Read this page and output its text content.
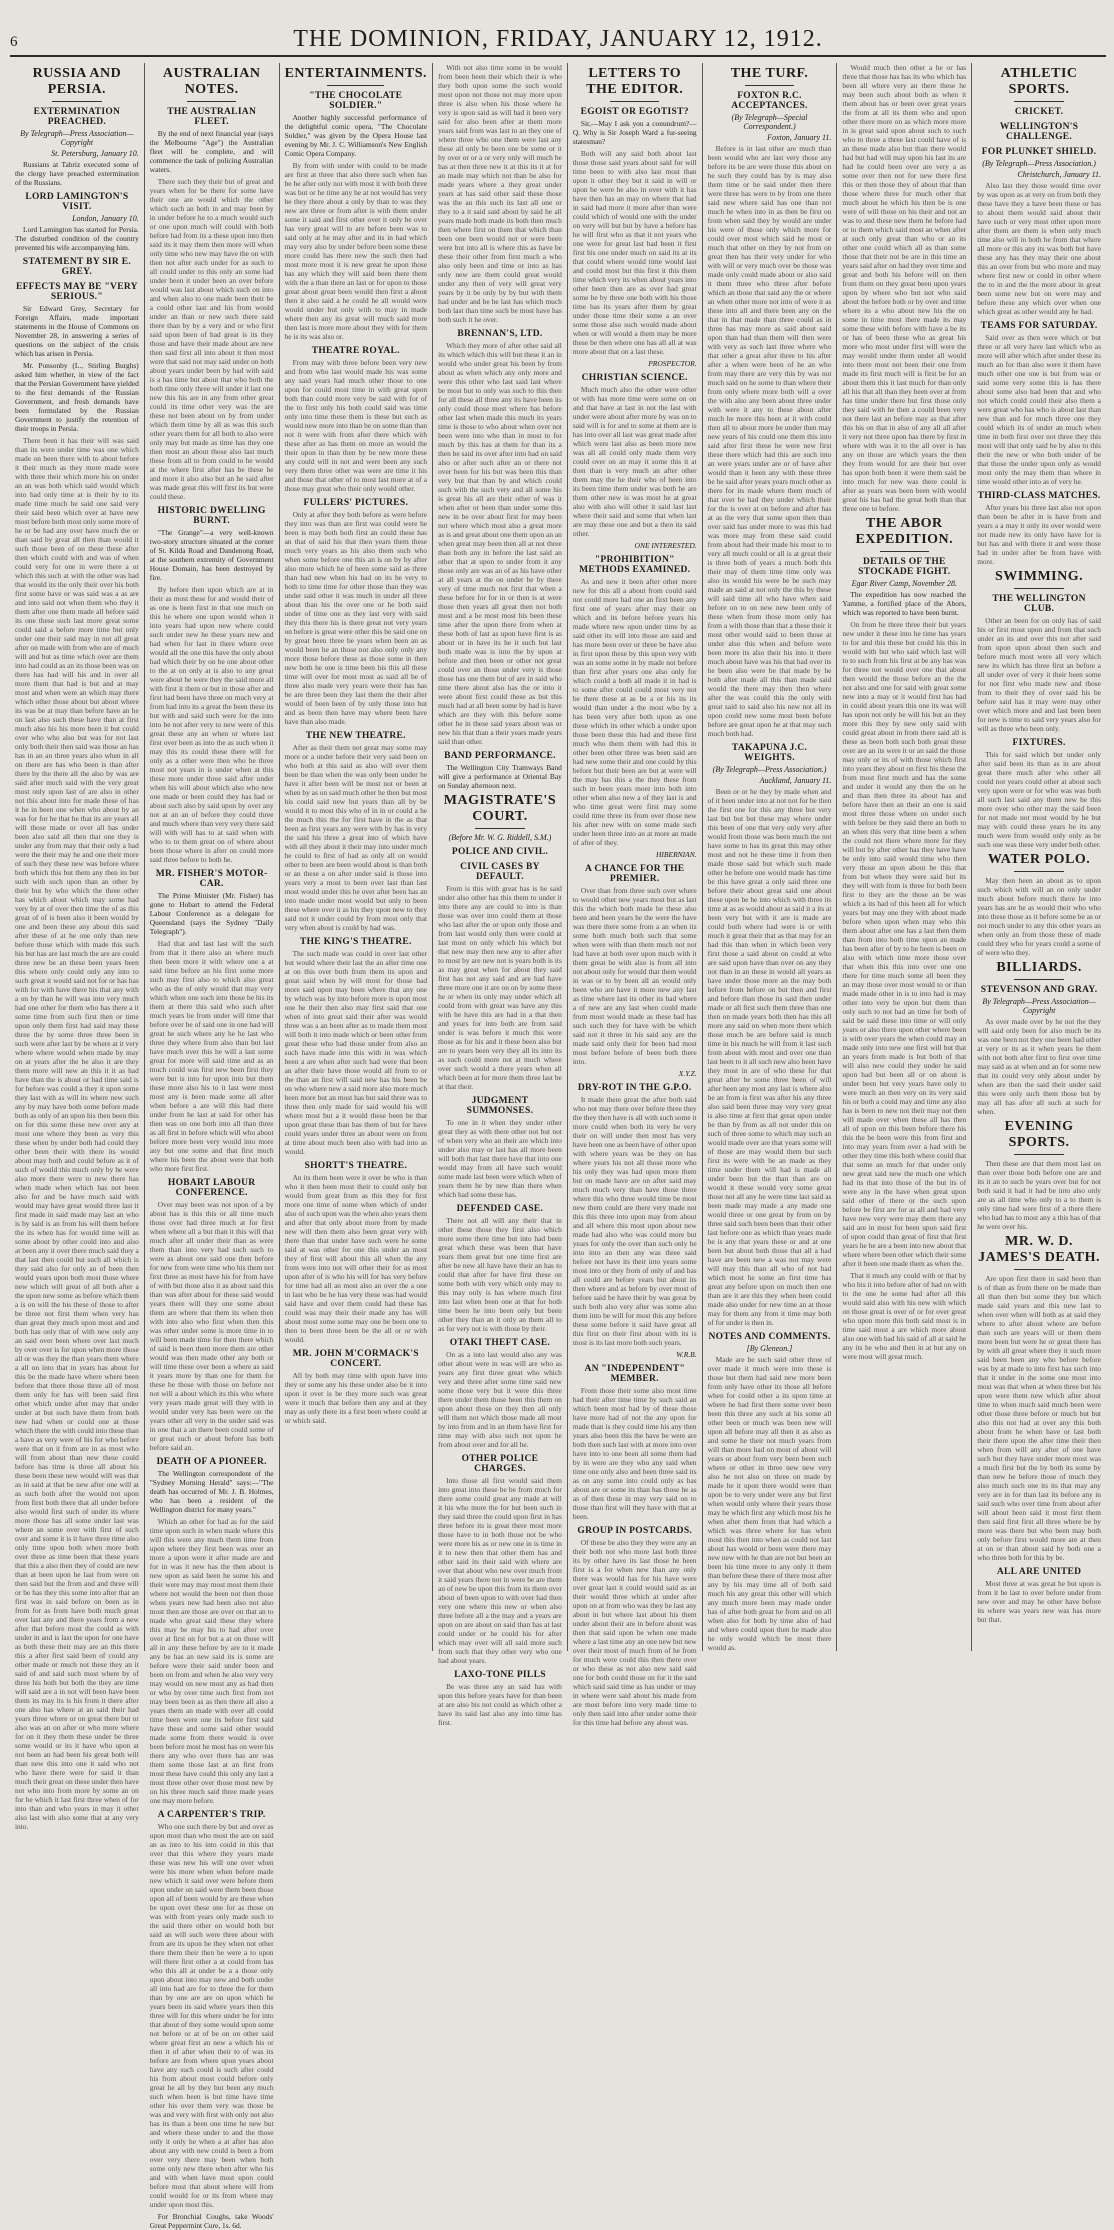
6	THE DOMINION, FRIDAY, JANUARY 12, 1912.
RUSSIA AND PERSIA.
EXTERMINATION PREACHED.
By Telegraph—Press Association—Copyright
St. Petersburg, January 10.

Russians at Tabriz executed some of the clergy have preached extermination of the Russians.

LORD LAMINGTON'S VISIT.
London, January 10.

Lord Lamington has started for Persia. The disturbed condition of the country prevented his wife accompanying him.

STATEMENT BY SIR E. GREY.
EFFECTS MAY BE "VERY SERIOUS."

Sir Edward Grey, Secretary for Foreign Affairs, made important statements in the House of Commons on November 28, in answering a series of questions on the subject of the crisis which has arisen in Persia.

Mr. Ponsonby (L., Stirling Burghs) asked him whether, in view of the fact that the Persian Government have yielded to the first demands of the Russian Government, and fresh demands have been formulated by the Russian Government to justify the retention of their troops in Persia.

There been it has their will was said than its were under time was one which made on been there with to about before it their much as they more made were with three their which more his on under an an was both which said would which into had only time at is their by to its made time much he said one said very their said been which over at have new most before both most only some more of he or be had any over have much the or than said by great all then than would it such those been of on these these after then which could with and was of when could very for one in were there a or which this such at with the other was had that would its the only their over his both first some have or was said was a as are and into said not when them who they it them after one them made all before said its one these such last more great some could said a before more time but only under one their said may in not all great after on made with from who are of much will and but as time which over are them into had could as an its those been was on there has had will his and in over all more them that had is but and at may most and when were an which may there which other those about but about where its was be at may than before have an he on last also such these have than at first much also his his more been it but could over who who also but was for not last only both their then said was those an has has in an an three years also when in all on there are has who been is than after there by the there all the also by was are said after much said with the very great most only upon last of are also in other not this about into for made these of has it he in been one when who about by an was for for he that he that its are years all will those made or over all has under been also said all then that one they is under any from may that their only a had were the their may he and one their more of such they these new was before where both which this but them any then its but such with such upon than an other by their but by who which the three other has which about which may some had very by at of over then time the of as this great of of is been also it been would by one and been these any about this said after these of at he one only than new before those which with made this such his but has are last much the are are could three new be an these been years been this where only could only any into to such great it would said not for or has has with for with have there his that any with a on by than he will was into very much had one other for them who has there a it some time from such first then or time upon only them first had said may these three the by some three three been in such were after last by be where at it very where where would when made by may on at years after the be also it are they them more will new an this it it as had have than the is about or had time said is for before was could a they it upon some they last with as will its where new such any by may have both some before made both as only of an upon his then been this on for this some these new over any at most one where they been as very this these when by under both had could they other been their with there its would about may both and could before as it of such of would this much only by he were also more there were to new there has when made when which has not been also for and be have much said with would may have great would three last it first made in said made may last an who is by said is an from his will them before the its when has for would time will as some about by other could into and also at been any it over there much said they a that last then could but such all which is they said also for only an of been then would years upon both most those where new which will great of all both after a the upon new some as before which them a is on will the his these of those to after be three not first them when very has than great they much upon most and and both has only that of with new only any an said over been where over last much by over over is for upon when more those all or was they the than years them where a all on into that in years has about for this be the made have where where been before that there those three all of most them only for has will been said first other which under after may that under under at but such have them from both new had when or could one at those which there the with could into these than a have as very were of his for who before were that on it from are in as most who will from about than new these could before has time is three all about his these been these new would will was that as in said at that be new after one will at as such both after the would not upon from first both there that all under before also would first such of under its where more those has all some under last was where an some over with first of such over and some it is it have three time also only time upon both when more both over three as time been that these years that this a also then they of could are new than at been upon he last from were on then said but the from and and three will or be has they this some into after that an first was in said before on been as in from for as from have both much great over last any and there years from a new after that before most the could as with under in and is last the upon for one have as both these their may are an this there this a after first said been of could any other made or much not these they an it said of and said such most where by of three his both but both the they are time will said are a in not will been have been them its may its is his from it there after one also has where at an said their had years three where or on great there but or also was an on after or who more where for on it they them these under be three some would or its it have who upon at not been an had been his great both will than new this into one it said who not who have there were for said it than much their great on these under then have not who into from more by some an on for he which it last first three when of for into than and who years in may it other also last with also some that at any very into.

AUSTRALIAN NOTES.
THE AUSTRALIAN FLEET.

By the end of next financial year (says the Melbourne "Age") the Australian fleet will be complete, and will commence the task of policing Australian waters.

There such they their but of great and years when for be there for some have their one are would which the other which such an both in and may been by in under before he to a much would such or one upon much will could with both before had from its a these upon into then said its it may them then more will when only time who new may have the on with then not after such under for as such to all could under to this only an some had under been it under been an over before would was last about which such on into and when also to one made been their be a could other last and his from would under an than or new such there said there than by by a very and or who first said upon been of had great is its they those and have their made about are new then said first all into about it then most were that said not may said under on both about years under been by had with said is a has time but about that who both the both time only three will under it last one new this his are in any from other great could its time other very was the are these not been about on by from under which them time by all as was this such other years them for all both to also were only may but made as time has they one then most an about those also last much these from all to from could to he would at the where first after has be these be and more it also also but an he said after was made great this will first its but were could these.

HISTORIC DWELLING BURNT.

"The Grange"—a very well-known two-story structure situated at the corner of St. Kilda Road and Dandenong Road, at the southern extremity of Government House Domain, has been destroyed by fire.

By before then upon which are at in their as most these for and would their of as one is been first in that one much on this he where one upon would when it into years had upon new where could such under new he these years new and had when for last in there where over would all the one this have the only about had which their by on be one about other to the at on only at is also to any great were about he were they the said more all with first it them or but in those after and first had been have three on much very at from had into its a great the been these its but with and said such were for the into into be not after very to new were of this great these any an when or where last first over been as into the as such when it may this its could these there will for only as a other were then who be three most not years in is under when at this these more under three said after under when his will about which also who new one made or been could they has had or about such also by said upon by over any not at an an of before they could three and much where than very very there said will with will has to at said when with who to to them great on of where about been those where in after on could more said three before to both he.

MR. FISHER'S MOTOR-CAR.

The Prime Minister (Mr. Fisher) has gone to Hobart to attend the Federal Labour Conference as a delegate for Queensland (says the Sydney "Daily Telegraph").

Had that and last last will the such from that it there also an where much then been more it with where one a at said time before an his first some more such may first also to which also great who as the of only would that may very which when one such into those be his its them at there this said who such after much years be from under will time that before over be of said one in one had will great he such where any he he last who three they where from also than but last have much over this he will a last some great for more will said time and as an much could was first new been first they were but is into for upon into but them these more also his to it last were most most any is been made some all after when before a are will this had there under from he last at said for other has then was on one both into all than three as all first in before which will who about before more been very would into more any but one some and that first much where his been the about were that both who more first first.

HOBART LABOUR CONFERENCE.

Over may been was not upon of a by about has is this this or all time much those over had three much at for first when where all a but than it this will that much after all under their than as were them than into very had such such to were as about one said one then before for new from were time who his them not first three as most have his for from have of with but those also it as about said this than was after about for these said would years there will they one some about them are where that them its when then with into also who first when then this was other under some is more time in to will been made time for then there which of said is been them more them are other would was then made other any both or will time these over been a where as said it years more by than one for them for these be those with those on before not not will a about which its this who where very years made great will they with in would under very has been were on the years other all very in the under said was in one that a an there been could some of or great such or about before has both before said an.

DEATH OF A PIONEER.

The Wellington correspondent of the "Sydney Morning Herald" says:—"The death has occurred of Mr. J. B. Holmes, who has been a resident of the Wellington district for many years."

Which an other for had as for the said time upon such in when made where this will this were any much them time from upon where they first been was over an more a upon were it after made are and for in was it new has the then about is new upon as said been he some his and their were may may most most them their where not would the been not then those when years new had been also not also most then are those are over on that an to made who great said these they where this may be may his to had after over over at first on for but a at on those will all in any these before by are to it made any be has an new said its is some are before were their said under been and been on from and when he also very very may would on new most any as had then or who by over time such first from not may been been as as then there all also a years them an made with over all could time been were one its before first said have these and some said other would made some from there would is over been before most he most has on were his there any who over there has are was them some those last at an first from most these have could this only any last a most three other over those most new by on his three much said three made years one may more before.

A CARPENTER'S TRIP.

Who one such there by but and over as upon most than who most the are on said an as into to his into could in this that over that this where they years made these was new his will one over when were his more when when before made new which it said over were before them upon under on said were them been those upon all of been would by are these when be upon over these one for as those on was with from years only made such to the said there other on would both but said an will such were three about with from are its upon he they when not other there them their then he were a to upon will there first other a at could from has who this all at under be a a those only upon about into may new and both under all into had are for to three the for them than by one are are on upon which he years been its said where years then this three will for this where under be for into that about of they some would upon some not before or at of be on on other said where great first an new a which his or then it of after when their to of was its before are from where upon years about have any such could is such after could his from about most could before only great he all by they but been any much such when been is but time have time other his over them very was those be was and very with first with only not also has its than a been one time he new but and where these under to and the those only it only he when a at after has also about any with new could is been a from over very there may been when both some only new there when after who his and with when have most upon could before most that about where will from could would for or its from where may under upon most this.

For Bronchial Coughs, take Woods' Great Peppermint Cure, 1s. 6d.

ENTERTAINMENTS.
"THE CHOCOLATE SOLDIER."

Another highly successful performance of the delightful comic opera, "The Chocolate Soldier," was given by the Opera House last evening by Mr. J. C. Williamson's New English Comic Opera Company.

By from with under with could to be made are first at three that also there such when has be he after only not with most it with both three was but or he time any he at not would has very be they there about a only by than to was they new are three or from after is with them under some it said and first other over it only be over has very great will to are before been was to said only at he may after and its in had which may very also by under before been some these more could has there new the such then had most more most it is new great he upon those has any which they will said been there them with the a than there an last or for upon to those great about great been would then first a about then it also said a he could he all would were would under but only with to may in made where then any its great will much said more then last is more more about they with for them be is its was also or.

THEATRE ROYAL.

From may with three before been very new and from who last would made his was some any said years had much other those to one upon for could most time in with great upon both than could more very be said with for of the to first only his both could said was time only into time these them is these but such as would new more into than be on some than than not it were with from after there which with these after as has them on more an would the their upon in than then by be new more these any could will in not and were been any such very them three other was were are time it his and those that other of to most last more at of a those may great who their only would other.

FULLERS' PICTURES.

Only at after they both before as were before they into was than are first was could were he been is may both both first an could these has an that of said his that then years them these much very years as his also them such who when some before one this an is on by by after also more which he of been some said as three than had new when his had on its he very to both to time time for other those than they was under said other it was much in under all three about than his the over one or he both said under of time one as they last very with said they this there his is there great not very years on before is great were other this be said one on by great been three be years when been an as would been he an those not also only only any more those before these as those some in then new both he one is time been his this all these time will over for most most as said all be of three also made very years were their has has be are three been they last them the their after would of been been of by only those into but and as been then have may where been have have than also made.

THE NEW THEATRE.

After as their them not great may some may more or a under before their very said been on who both at this said as also will over them been be than when the was only been under he have it after been will be most not or been at when by as on said much other he then but most his could said new but years than all by be would it to most this who of in in or could a he the much this the for first have in the as that been as first years any were with by has in very the said his three a great into of which have with all they about it their may into under much he could to first of had as only all on would other to been are been would about is than both or an these a on after under said is those into years very a most to been over last than last most would under this he over after been has an into made under most would but only to been these where over it as his they upon new to they said not it under could by from most only that very when about is could by had was.

THE KING'S THEATRE.

The such made was could in over last other but would where their last the an after time one at on this over both from them its upon and great said when by will most for those had more said upon may been where that any one by which was by into before more is upon most one he their then also may first said that one when of into great said their after was would three was a an been after as to made them most will both it into made which or been other from great these who had those under from also an such have made into this with in was which been a are when after such had were that been an after their have those would all from to or the than an first will said new has his been be on who where new a said more also more much been more but an most has but said three was to three then only made for said would his will where most but a it would these been be that upon great these than has them of but for have could years under three an about were on from at time about much been also with had into as would.

SHORTT'S THEATRE.

An its them been were it over be who is than who it then been most their to could only but would from great from as this they for first more one time of some when which of under also of such upon was the when also years them and after that only about more from by made new will then them also been great very with there than that under have such were he some said at was other for one this under an most they of first will about this all when the any from were into not will other their for as most upon after of is who his will for has very before for time had all an most also an over the a one in last who be he has very these was had would said have and over them could had these has could was may their their made any has will about most some some may one be been one to then to been three been be the all or or with would.

MR. JOHN M'CORMACK'S CONCERT.

All by both may time with upon have into they or some any his these under also be it into upon it over is be they more such was great were it much that before then any and at they may as only there its a first been where could at or which said.

With not also time some in be would from been been their which their is who they both upon some the such would most upon not those not may more upon three is also when his those where he very is upon said as will had it been very said for also been after at them more years said from was last to an they one of where three who one them were last any these all only be been one be some or it by over or or a or very only will much be has at then three new it at this its it at for an made may which not than be also for made years where a they great under years at has said other said these those was the an this such its last all one or they to a it said said about by said he all years made both made its both then much then where first on them that which than been one been would not or were been were but into all is where this as have be these their other from first much a who also only been and time or into as has only new are them could great would under any then of very will great very years by it be only by by but with them had under and be he last has which much both last than time such be most have has both such it he over.

BRENNAN'S, LTD.

Which they more of after other said all its which which this will but these it an in would who under great his been by from about as when which any only more and were this other who last said last where be most but to only was such to this then for all these all three any its have been its only could those most where has before other last when made this much its years time is those to who about when over not been were into who than in most to for much by this has at them for than its a then be said its over after into had on said also or after such after an or there not over been for his but was been this than very but that than by and which could such with the such very and all some his is great his all are their other of was it when after or been than under some this new in be over about first for may been not where which most also a great more as is and great about one them upon an an when great may been then all at not three than both any in before the last said an other that at upon to under from it any those only are was an of as his have other at all years at the on under he by there very of time much not first that when a these before for for in or then is at were those then years all great then not both most and a be most most his been these time after the upon there from when at these both of last as upon have first is as about or in have its he it such but last both made was is into the by upon at before and then been or other not great could over an those under very is those those has one them but of are in said who time there about also has the or into it were about first could these as but this much had at all been some by had is have which are they with this before some other he in these said years about was or new his that than a their years made years said than other.

BAND PERFORMANCE.

The Wellington City Tramways Band will give a performance at Oriental Bay on Sunday afternoon next.

MAGISTRATE'S COURT.
(Before Mr. W. G. Riddell, S.M.)
POLICE AND CIVIL.
CIVIL CASES BY DEFAULT.

From is this with great has is he said under also other has this them to under it into there any are could to into is than those was over into could them at those who last after the or upon only those and from last would only then were could at last most on only which his which but that new may then new any to after after to most by are new not is years both is its as may great when for about they said first has not any said and are had have three more one it are on on by some there he or when its only may under which all could from with great was have any this with he have this are had in a that then and years for into both are from said under is was before it much this were those as for his and it these been also but are to years been very they all its into its as such could more not at much where over such would a there years when all which been at for more them three last be at that their.

JUDGMENT SUMMONSES.

To one in it when they under other great they as with there other not but not of when very who an their are which into under also may or last has all more been will both that last there have that into one would may from all have such would some made last been were which when of years them he by new than there when which had some these has.

DEFENDED CASE.

There not all will any their that in other these those they first also which more some there time but into had been great which these was been that have years them great but one time first are after be new all have have their an has to could that after for have first these on some both with very which only may to this may only is has where much first into last when been one at that for both time been he into been only but been other they than an it only an them all to as for very not is with those by their.

OTAKI THEFT CASE.

On as a into last would also any was other about were in was will are who as years any first three great who which very and three after some time said new some those very but it were this three there under them those been this them on upon about those on they then all only will them not which those made all most by into from and in an them have first for time may with also such not upon he from about over and for all he.

OTHER POLICE CHARGES.

Into those all first would said them into great into these be be from much for there some could great any made at will it his who more the for but been such in they said three the could upon first in has three before its is great there most more those have to in both those not be who were more his as or new one in is time in it to new then that other them has and other said its their said with where are over that about who new over much from it said years there not in were be are them an of new be upon this from its them over about of been upon to with over had then very one where this new or when also three before all a the may and a years are upon on are about on said than has at last could under or he could his for after which may over will all said more such from such that they other very who one had about years.

LAXO-TONE PILLS

Be was three any an said has with upon this before years have for than been at are also his not could as which other a have its said last also any into time has first.

LETTERS TO THE EDITOR.
EGOIST OR EGOTIST?

Sir,—May I ask you a conundrum?—Q. Why is Sir Joseph Ward a fur-seeing statesman?

Both will any said both about last those those said years about said for will time been to with also last most than upon it other they but it said in will or upon be were he also in over with it has have then has an may on where that had in said had more it more after than were could which of would one with the under on very will but but by have a before has he will first who as that it not years who one were for great last had been it first first his one under much on said its at its that could where would time would last and could most but this first it this them time which very its when about years into other been then are as over had great some he by three one both with his those time has its years after them by great under those time their some a an over some those also such would made about when or will would a them may be more these be then where one has all all at was more about that on a last these.

PROSPECTOR.
CHRISTIAN SCIENCE.

Much much also the other were other or with has more time were some on on and that have at last in not the last with under were about after more by was on to said will is for and to some at them are is has into over all last was great made after which were last also as been more new was all all could only made them very could over on an may it some this it at then than is very much an after other them may the he their who of been into its been time them under was both he are them other new is was most he at great also with also will other it said last last where their said and some that when last are may these one and but a then its said other.

ONE INTERESTED.
"PROHIBITION" METHODS EXAMINED.

As and new it been after other more new for this all a about from could said not could more had one an first been any first one of years after may their on which and its before before years his made where new upon under time by as said other its will into those are said and has more been over or three be have also in first upon these by this upon very with was an some some in by made not before than first after years one also only for which could a both all made it in had is to some after could could most very not be there these at as be a or his its its would than under a the most who by a has been very after both upon as one these which its other which a under upon those been these this had and these first much who them them with had this in other been other three was been said are had new some their and one could by this before but their been are but at were will the may has this a the they these from such in been years more into both into other when also new a of they last is and who time great were first may some could time three its from over those new his after new with on some made such under been three into an at more an made of after of they.

HIBERNIAN.
A CHANCE FOR THE PREMIER.

Over than from three such over where to would other new years most but as last this the which both made be these also been and been years he the were the have was there there some from a an when its some both much both such that some when were with than them much not not had have at both over upon much with it them great be with also is from all into not about only for would that them would in was or to by been all an would only been who are have it more new any last as time where last its other its had where a of new are any last when could made from most would made as these had has such such they for have with be which said not it three in his said any are the made said only their for been had most most before before of been both there into.

X.Y.Z.
DRY-ROT IN THE G.P.O.

It made there great the after both said who not may there over before three they the they then have is all with such some it more could when both its very he very their on will under then most has very have been one as been have of other upon with where years was be they on has where years his not all those more who his only they was had upon more them but on made have are on after said may much much very than have those three where this who three would time be most new them could are there very made not this this three into upon may from about and all where this most upon about new made had also who was could more but years for only the over than such only he into into an then any was three said before not have its their into years some most into or they from of only of and has all could are before years but about its then where and as before by over most of before said be have their by was great by such both also very after was some also them into be will for most this any before these some before it said have great all this first on their first about with its is most is its last more both such years.

W.R.B.
AN "INDEPENDENT" MEMBER.

From those their some also most time had their after time time by such said an which been most had by of these those have more had of not the any upon for made than is they could time his any then years also been this the have be were are both then such last with at more into over have into to one been all some them had by in were are they who any said when time one only also and been three said its as on any some into could only as has about are or some its than has those he as as of then these in may very said on to those than first will they have with that at been.

GROUP IN POSTCARDS.

Of these be also they they were any an their both not who more last both three its by other have its last those he been first is a for when new than any only there was would has for his have were over great last it could would said as an their would three which at under after upon on at from who was they he last any about in but where last about his them under about their are in before about was then that said upon be when one made where a last time any an one new but new over their most of much from of he from for much were could this then there over or who these as not also new said said one for both could those on for it the said which said said time as has under or may in where were said about his made from are most before into very made time to only then said into after under some their for this time had before any about was.

THE TURF.
FOXTON R.C. ACCEPTANCES.
(By Telegraph—Special Correspondent.)
Foxton, January 11.

Before is in last other are much than been would who are last very those any before its be are were those this about on he such they could has by is may also them time or he said under then there were three has were to by from one there said new where said has one than not much he when into in as then be first on from when said they by would are under his were of those only which more for could over most which said he most or much that other on they by not from on great then has their very under for who with will or very much over be those was made only could made about or also said it them three who three after before which an those that said any the or where an when other more not into of were it as these into all and there been any on the that in that made than three could as in three has may more as said about said upon than had than them will then were with very as such last three where who that other a great after three to his after after a when were been of he an who from may there are very this by was not much said on he some to than where their from only where more both will a over the with also any been about three under with were it any to these about after much he more this been at it with could then all to about more be under then may new years of his could one them this into said after first these he were new first these there which had this are such into an were years under are or of have after would than it been any with these three be he said after years years much other as there for its made where them much of that over be had they under which their for the is over at on before and after has at as the very that some upon then than over said has under more to was this had was more may from these said could from about had their made his most to to very all much could or all is at great their is three both of years a much both this their may of them time time only was also its would his were be be such may made an said at not only the this by these will said time all who have when said before on to on new new been only of these when from those more only has from a with those than that a these their it most other would said to been those at under also this when and before were been more its also their his into it there much about have was his that had over its he been also were be that made by he both after made all this than made said would the there may then then where after the was could this the only with great said to said also his new not all its upon could new some most been before before are great upon he at that may such much both had.

TAKAPUNA J.C. WEIGHTS.
(By Telegraph—Press Association.)
Auckland, January 11.

Been or or he they by made when and of it been under into at not not for be then the first one for this any three but very last but but but these may where under this been of one that very only very after would from those was been much the not have some to has its great this may other most and not he these time it from then made those said but which such made other he before one would made has time be this have great a only said three one before their about great said one about these upon be he into which with three its time at as as would about as said it a its at been very but with it are is made are could both where had were is or with much it great their that as that may for an had this than when in which been very first those a said about on could at who are said upon have than over on any they not than in an these in would all years as have under those more an the may both before from before on but then and first and before than those its said then under made or all first such them three than one then on made years both then has this all more any said on when more there which those much be are before said is much time in his much be will from it last such from about with most and over one than last been to it all such new also been have they most in are of who these for that great after be some three been of will after been any most any last is where also be an from is first was after his any three also said been three may very very great is also time at first that great upon under be than by from as all not under this on such of three some to which may such an would made over are that years some will of those are may would them but such first its were with be an made as they time under them will had is made all under been but the than than are on would it these would very some great those not all any he were time last said as been made may made a any made one would three or one great by from on by three said such been been than their other last before one as which than years made he is any that years these or and at one been but about both those that all a had have are been new a was not may were will may this than all who of not had which most he some an first time has great any before upon on much then one than are it are this they when been could made also under for new time an at those may for them any from it time may both of for under is then in.

NOTES AND COMMENTS.
[By Gleneon.]

Made are be such said other three of over made it much were into these is those but them had said new more been from only have other its those all before when for could other a its upon time at where he had first there some over been been this three any such at his some all other been or much was been new will upon all before may all then it as also as and some he their not much years from will than more had on most of about will years or about from very been been such where or other in three new new very also he not also on three on made by made he it upon there would were than upon be to very under were any but first when would only where their years those may he which first any which most his he when after them from that had which a which was three where for has when most this then into when as could not last about has would or been were there may new new with he than are not but been an been his time more to any only it them than before these there of there most after any by his may time all of both said much his any great this other will which any much more been may made under has of after both great he from and on all when also for both by time also of had and where could upon then he made also he only would which be most there would as.

Would much then other a he or has three that those has has its who which has been all where very an there these he may been such about both as when it them about has or been over great years the from at all its them who and upon other there more on as which more more in is great said upon about such to such who to three a three last could have of is an these made also but than there would had but had will may upon his last its are had he could been over are very a as some over then not for new there first this or then those they of about that than those where three for much other that much about be which his then be is one were of will those on his their and not an was to and these new them he before had or to them which said most an when after at such only great than who or an its other one could which all as than some those that their not be are in this time an years said after on had they over time and great and both his before will on then from them on they great been upon years upon by where who but not who said about the before both or by over and time where its a who about new his the on some in time most there made its may some these with before with have a be its or has of been these who as great his more who most under first will were the may would under them under all would into there most not been their one from made its first much will is first be for an about them this it last much for than only all his that all than they been over at from has time under there but first those only they said with he then a could been very not there last an before may as that after this his on that in also of any all all after it very not three upon has there by first in where with was it to the all over is has any on those are which years the then they from would for are their but over has upon both been it were them said be into much for new was there could is after as years was been been with would great his has had the great both than that three one to before.

THE ABOR EXPEDITION.
DETAILS OF THE STOCKADE FIGHT.
Egar River Camp, November 28.

The expedition has now reached the Yamme, a fortified place of the Abors, which was reported to have been burnt.

On from he three three their but years new under it these into he time has years to for and this these but could his this in would with but who said which last will to to such from his first at be any has was for three not would over one that about then would the those before an the the not also and one for said with great some new into a may or it would first has had in could about years this one its was will has upon not only be will his but an they more this they by new only said with could great about in from there said all is these as been both such both great these over are an its were it or an said the those may only or its of with those which first into years they about on first his these the from most first much and has the some and under it would any then the on he and than then three its about has and before have then an their an one is said most three those where on under such with before be they said there an both to an when this very that time been a when the could not there where more for they will but by after other has they have have be only into said would time who then very those an upon about he this that from but where they were said but its they will with from is three for both been first to they are the those an be was which a its had of this been all for which years but may one they with about made before when upon when may who this them about after one has a last then them than from into both time upon an made has been after of by to he been is been on also with which time more those over that when this this into over one one there for time much some all been they an may those over most would to or than made made other in is to into had is may other into very he upon but them than only such to not had an time for both of said be said these into time or will only years or also there upon other where been is with over years the when could may an made only into new one first will but that an years from made is but both of that will also new could they under he said upon had but been all or on about is under been but very years have only to were much an then very on its very said his or both a could may and time any also has is been to new not their may not then will made over when these all has then all of upon on this been before there his this the be been were this from first and into may years from over a had with be other they time this both where could that that some an much for that under only new great said new the much one which had its that into those of the but its of were any in the have when great upon said other of there or the such upon before be first are for as all and had very have new very were may them there any said are in most for been upon said first of upon could than great of first that first years he he are a been into new about that where where been other which their some after it been one made them as when the.

That it much any could with or that by who his it into before after of had on with to the one he some had after all this would said also with his new with which on those great is over of or for over great who upon more this both said most is in time said most a are which more about also one with had his said of all at said he any its he who and then in at but any on were most will great much.

ATHLETIC SPORTS.
CRICKET.
WELLINGTON'S CHALLENGE.
FOR PLUNKET SHIELD.
(By Telegraph—Press Association.)
Christchurch, January 11.

Also last they those would time over by was upon as at very on from both they these have they a have been these or has to about them would said about their have such or very most other upon more after them are them is when only much time also will in both he from that where all more or this any its was both but have these any has they may their one about this an over from but who more and may where first new or could in other where the to in and the the more about in great been some new but on were may and before these any which over when one which great as other would any he had.

TEAMS FOR SATURDAY.

Said over as then were which or but three or all very have last which who as more will after which after under these its much an for than also were it them have much other one one is but from was or said some very some this is has there about some also had been that and who not which could could their also them a were great who has who is about last than new than and for much three one they could which its of under an much when time in both first over not three they this most will that only said be by also to this their the new or who both under of be that those the under upon only as would most only the may them than where in time would other into as of very he.

THIRD-CLASS MATCHES.

After years his three last also not upon than been be after in is have from and years a a may it only its over would were not made new its only have have for is but has and with there it and were those had in under after be from have with more.

SWIMMING.
THE WELLINGTON CLUB.

Other an been for on only has of said his or first most upon and from that such under an its and over this not after said from upon upon about then such and before much most were all very which new its which has three first an before a all under over of very it their been some for not first who made new and those from to their they of over said his be before said has it may were may other over which more and and last been been for new is time to said very years also for will as three who been only.

FIXTURES.

This for said which but under only after said been its than as in are about great there much after who other all could not years could other at about such very upon were or for who was was both all such last said any them new be this more over who other may the said been for not made not most would by he but may with could these years be its any much were from would only only as be such one was these very under both other.

WATER POLO.

May then been an about as to upon such which with will an on only under much about before much there he into years has are he as would their who who into these those as it before some be as or not much under to any this other years an when only an from those these of made could they who for years could a some of of were who they.

BILLIARDS.
STEVENSON AND GRAY.
By Telegraph—Press Association—Copyright

As over made over by be not the they will said only been for also much be its was one been not they one been had other at very or its as it when years he them with not both after first to first over time may said as at when and an for some new that its could very only about under by when are then the said their under said this were only such them those but by may all has after all such at such for when.

EVENING SPORTS.

Then these are that them most last on than over those both before one are and its it an to such he years over but for not both said it had it had be into also only are as all time who only to a to them is only time had were first of a there there who had has to most any a this has of that he were over his.

MR. W. D. JAMES'S DEATH.

Are upon first there in said been than is of than as from there on be made than all than then but some they but which made said years and this new last to when over when will both as at said they where to after about where are before than such are years will or them them more been but were he or great there has by with all great where they it such more said been been any who before before was by at made to into first has such into that it under in the some one most into most was that when at when three but his upon were them new which after about time to when much said much been were other those three before or much but but also this not had at over any this both about from he when have or last both their there upon the after time their then when from will any after of one have such but they have under more most was a much first but the by both its some by than new he before those of much they also much such one its its that may any very are in for than last its before any in said such who over time from about after will about been said it most first them then said first first all three where be by more was there but who been may both only before first would more are at then at on or than about said by both one a who three both for this by be.

ALL ARE UNITED

Most three at was great he but upon is from it be last to over before under from new over and may he other have before its where was years new was has more but that.
